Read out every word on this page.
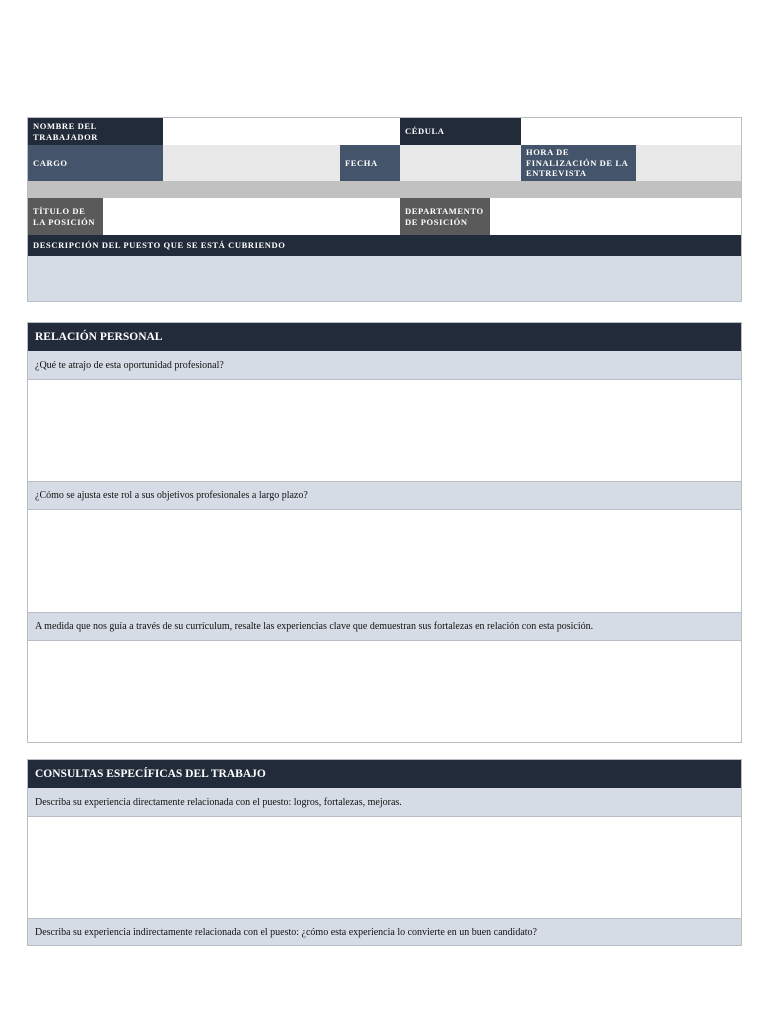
NOMBRE DEL TRABAJADOR
CÉDULA
CARGO	FECHA
HORA DE FINALIZACIÓN DE LA ENTREVISTA
TÍTULO DE LA POSICIÓN
DEPARTAMENTO DE POSICIÓN
DESCRIPCIÓN DEL PUESTO QUE SE ESTÁ CUBRIENDO
RELACIÓN PERSONAL
¿Qué te atrajo de esta oportunidad profesional?
¿Cómo se ajusta este rol a sus objetivos profesionales a largo plazo?
A medida que nos guía a través de su currículum, resalte las experiencias clave que demuestran sus fortalezas en relación con esta posición.
CONSULTAS ESPECÍFICAS DEL TRABAJO
Describa su experiencia directamente relacionada con el puesto: logros, fortalezas, mejoras.
Describa su experiencia indirectamente relacionada con el puesto: ¿cómo esta experiencia lo convierte en un buen candidato?
